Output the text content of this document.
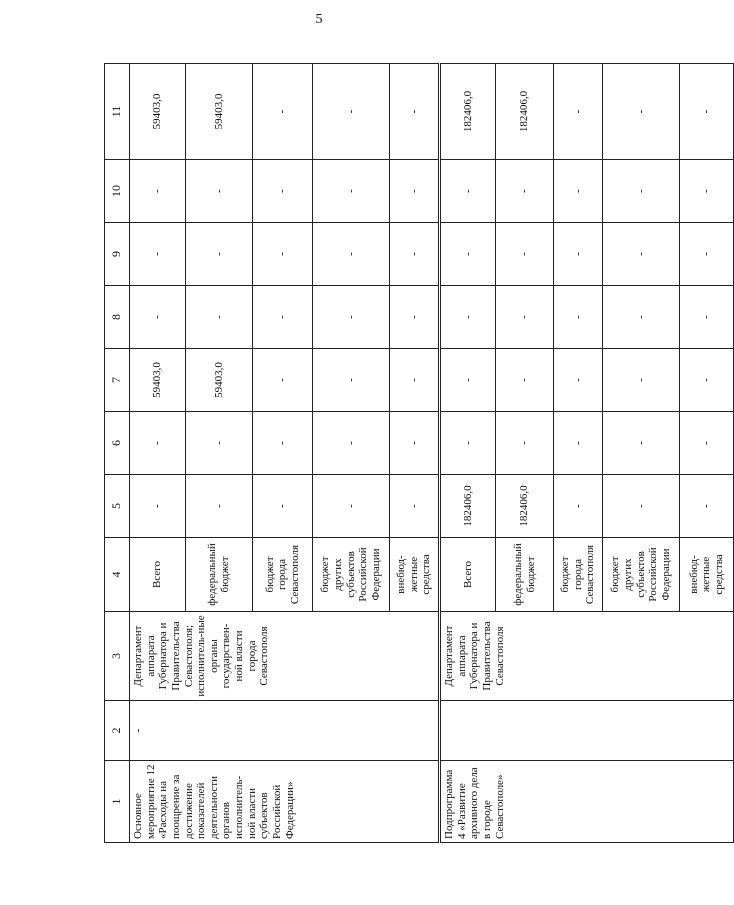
5
1	2	3	4	5	6	7	8	9	10	11
Основное мероприятие 12 «Расходы на поощрение за достижение показателей деятельности органов исполнитель-ной власти субъектов Российской Федерации»	-	Департамент аппарата Губернатора и Правительства Севастополя; исполнитель-ные органы государствен-ной власти города Севастополя	Всего	-	-	59403,0	-	-	-	59403,0
			федеральный бюджет	-	-	59403,0	-	-	-	59403,0
			бюджет города Севастополя	-	-	-	-	-	-	-
			бюджет других субъектов Российской Федерации	-	-	-	-	-	-	-
			внебюд-жетные средства	-	-	-	-	-	-	-
Подпрограмма 4 «Развитие архивного дела в городе Севастополе»		Департамент аппарата Губернатора и Правительства Севастополя	Всего	182406,0	-	-	-	-	-	182406,0
			федеральный бюджет	182406,0	-	-	-	-	-	182406,0
			бюджет города Севастополя	-	-	-	-	-	-	-
			бюджет других субъектов Российской Федерации	-	-	-	-	-	-	-
			внебюд-жетные средства	-	-	-	-	-	-	-
